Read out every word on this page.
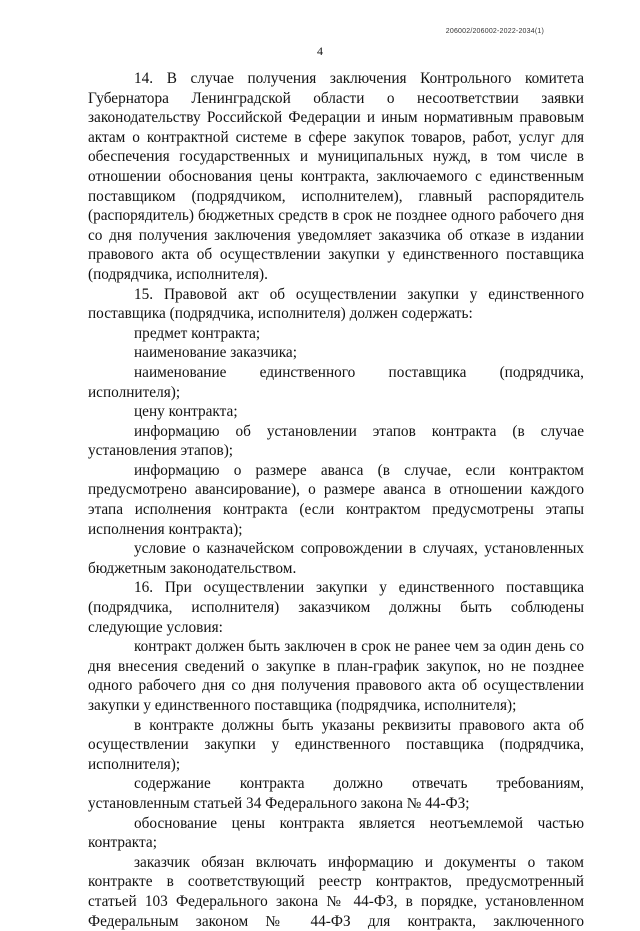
206002/206002-2022-2034(1)
4

14. В случае получения заключения Контрольного комитета Губернатора Ленинградской области о несоответствии заявки законодательству Российской Федерации и иным нормативным правовым актам о контрактной системе в сфере закупок товаров, работ, услуг для обеспечения государственных и муниципальных нужд, в том числе в отношении обоснования цены контракта, заключаемого с единственным поставщиком (подрядчиком, исполнителем), главный распорядитель (распорядитель) бюджетных средств в срок не позднее одного рабочего дня со дня получения заключения уведомляет заказчика об отказе в издании правового акта об осуществлении закупки у единственного поставщика (подрядчика, исполнителя).

15. Правовой акт об осуществлении закупки у единственного поставщика (подрядчика, исполнителя) должен содержать:

предмет контракта;

наименование заказчика;

наименование единственного поставщика (подрядчика, исполнителя);

цену контракта;

информацию об установлении этапов контракта (в случае установления этапов);

информацию о размере аванса (в случае, если контрактом предусмотрено авансирование), о размере аванса в отношении каждого этапа исполнения контракта (если контрактом предусмотрены этапы исполнения контракта);

условие о казначейском сопровождении в случаях, установленных бюджетным законодательством.

16. При осуществлении закупки у единственного поставщика (подрядчика, исполнителя) заказчиком должны быть соблюдены следующие условия:

контракт должен быть заключен в срок не ранее чем за один день со дня внесения сведений о закупке в план-график закупок, но не позднее одного рабочего дня со дня получения правового акта об осуществлении закупки у единственного поставщика (подрядчика, исполнителя);

в контракте должны быть указаны реквизиты правового акта об осуществлении закупки у единственного поставщика (подрядчика, исполнителя);

содержание контракта должно отвечать требованиям, установленным статьей 34 Федерального закона № 44-ФЗ;

обоснование цены контракта является неотъемлемой частью контракта;

заказчик обязан включать информацию и документы о таком контракте в соответствующий реестр контрактов, предусмотренный статьей 103 Федерального закона № 44-ФЗ, в порядке, установленном Федеральным законом № 44-ФЗ для контракта, заключенного
